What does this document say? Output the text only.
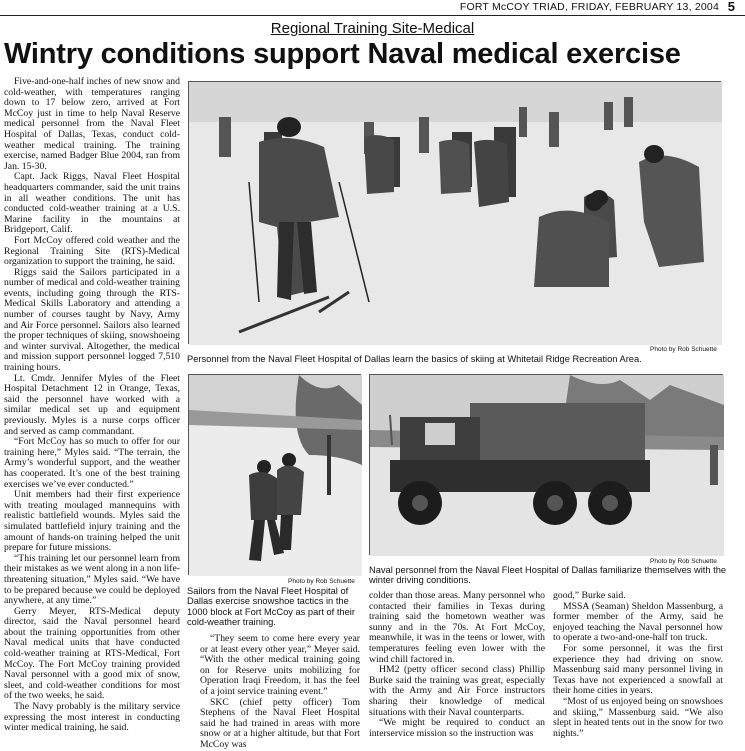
FORT McCOY TRIAD, FRIDAY, FEBRUARY 13, 2004 5
Regional Training Site-Medical
Wintry conditions support Naval medical exercise

Five-and-one-half inches of new snow and cold-weather, with temperatures ranging down to 17 below zero, arrived at Fort McCoy just in time to help Naval Reserve medical personnel from the Naval Fleet Hospital of Dallas, Texas, conduct cold-weather medical training. The training exercise, named Badger Blue 2004, ran from Jan. 15-30.

Capt. Jack Riggs, Naval Fleet Hospital headquarters commander, said the unit trains in all weather conditions. The unit has conducted cold-weather training at a U.S. Marine facility in the mountains at Bridgeport, Calif.

Fort McCoy offered cold weather and the Regional Training Site (RTS)-Medical organization to support the training, he said.

Riggs said the Sailors participated in a number of medical and cold-weather training events, including going through the RTS-Medical Skills Laboratory and attending a number of courses taught by Navy, Army and Air Force personnel. Sailors also learned the proper techniques of skiing, snowshoeing and winter survival. Altogether, the medical and mission support personnel logged 7,510 training hours.

Lt. Cmdr. Jennifer Myles of the Fleet Hospital Detachment 12 in Orange, Texas, said the personnel have worked with a similar medical set up and equipment previously. Myles is a nurse corps officer and served as camp commandant.

“Fort McCoy has so much to offer for our training here,” Myles said. “The terrain, the Army’s wonderful support, and the weather has cooperated. It’s one of the best training exercises we’ve ever conducted.”

Unit members had their first experience with treating moulaged mannequins with realistic battlefield wounds. Myles said the simulated battlefield injury training and the amount of hands-on training helped the unit prepare for future missions.

“This training let our personnel learn from their mistakes as we went along in a non life-threatening situation,” Myles said. “We have to be prepared because we could be deployed anywhere, at any time.”

Gerry Meyer, RTS-Medical deputy director, said the Naval personnel heard about the training opportunities from other Naval medical units that have conducted cold-weather training at RTS-Medical, Fort McCoy. The Fort McCoy training provided Naval personnel with a good mix of snow, sleet, and cold-weather conditions for most of the two weeks, he said.

The Navy probably is the military service expressing the most interest in conducting winter medical training, he said.

Photo by Rob Schuette
Personnel from the Naval Fleet Hospital of Dallas learn the basics of skiing at Whitetail Ridge Recreation Area.
Photo by Rob Schuette
Sailors from the Naval Fleet Hospital of Dallas exercise snowshoe tactics in the 1000 block at Fort McCoy as part of their cold-weather training.
Photo by Rob Schuette
Naval personnel from the Naval Fleet Hospital of Dallas familiarize themselves with the winter driving conditions.

“They seem to come here every year or at least every other year,” Meyer said. “With the other medical training going on for Reserve units mobilizing for Operation Iraqi Freedom, it has the feel of a joint service training event.”

SKC (chief petty officer) Tom Stephens of the Naval Fleet Hospital said he had trained in areas with more snow or at a higher altitude, but that Fort McCoy was

colder than those areas. Many personnel who contacted their families in Texas during training said the hometown weather was sunny and in the 70s. At Fort McCoy, meanwhile, it was in the teens or lower, with temperatures feeling even lower with the wind chill factored in.

HM2 (petty officer second class) Phillip Burke said the training was great, especially with the Army and Air Force instructors sharing their knowledge of medical situations with their Naval counterparts.

“We might be required to conduct an interservice mission so the instruction was

good,” Burke said.

MSSA (Seaman) Sheldon Massenburg, a former member of the Army, said he enjoyed teaching the Naval personnel how to operate a two-and-one-half ton truck.

For some personnel, it was the first experience they had driving on snow. Massenburg said many personnel living in Texas have not experienced a snowfall at their home cities in years.

“Most of us enjoyed being on snowshoes and skiing,” Massenburg said. “We also slept in heated tents out in the snow for two nights.”
